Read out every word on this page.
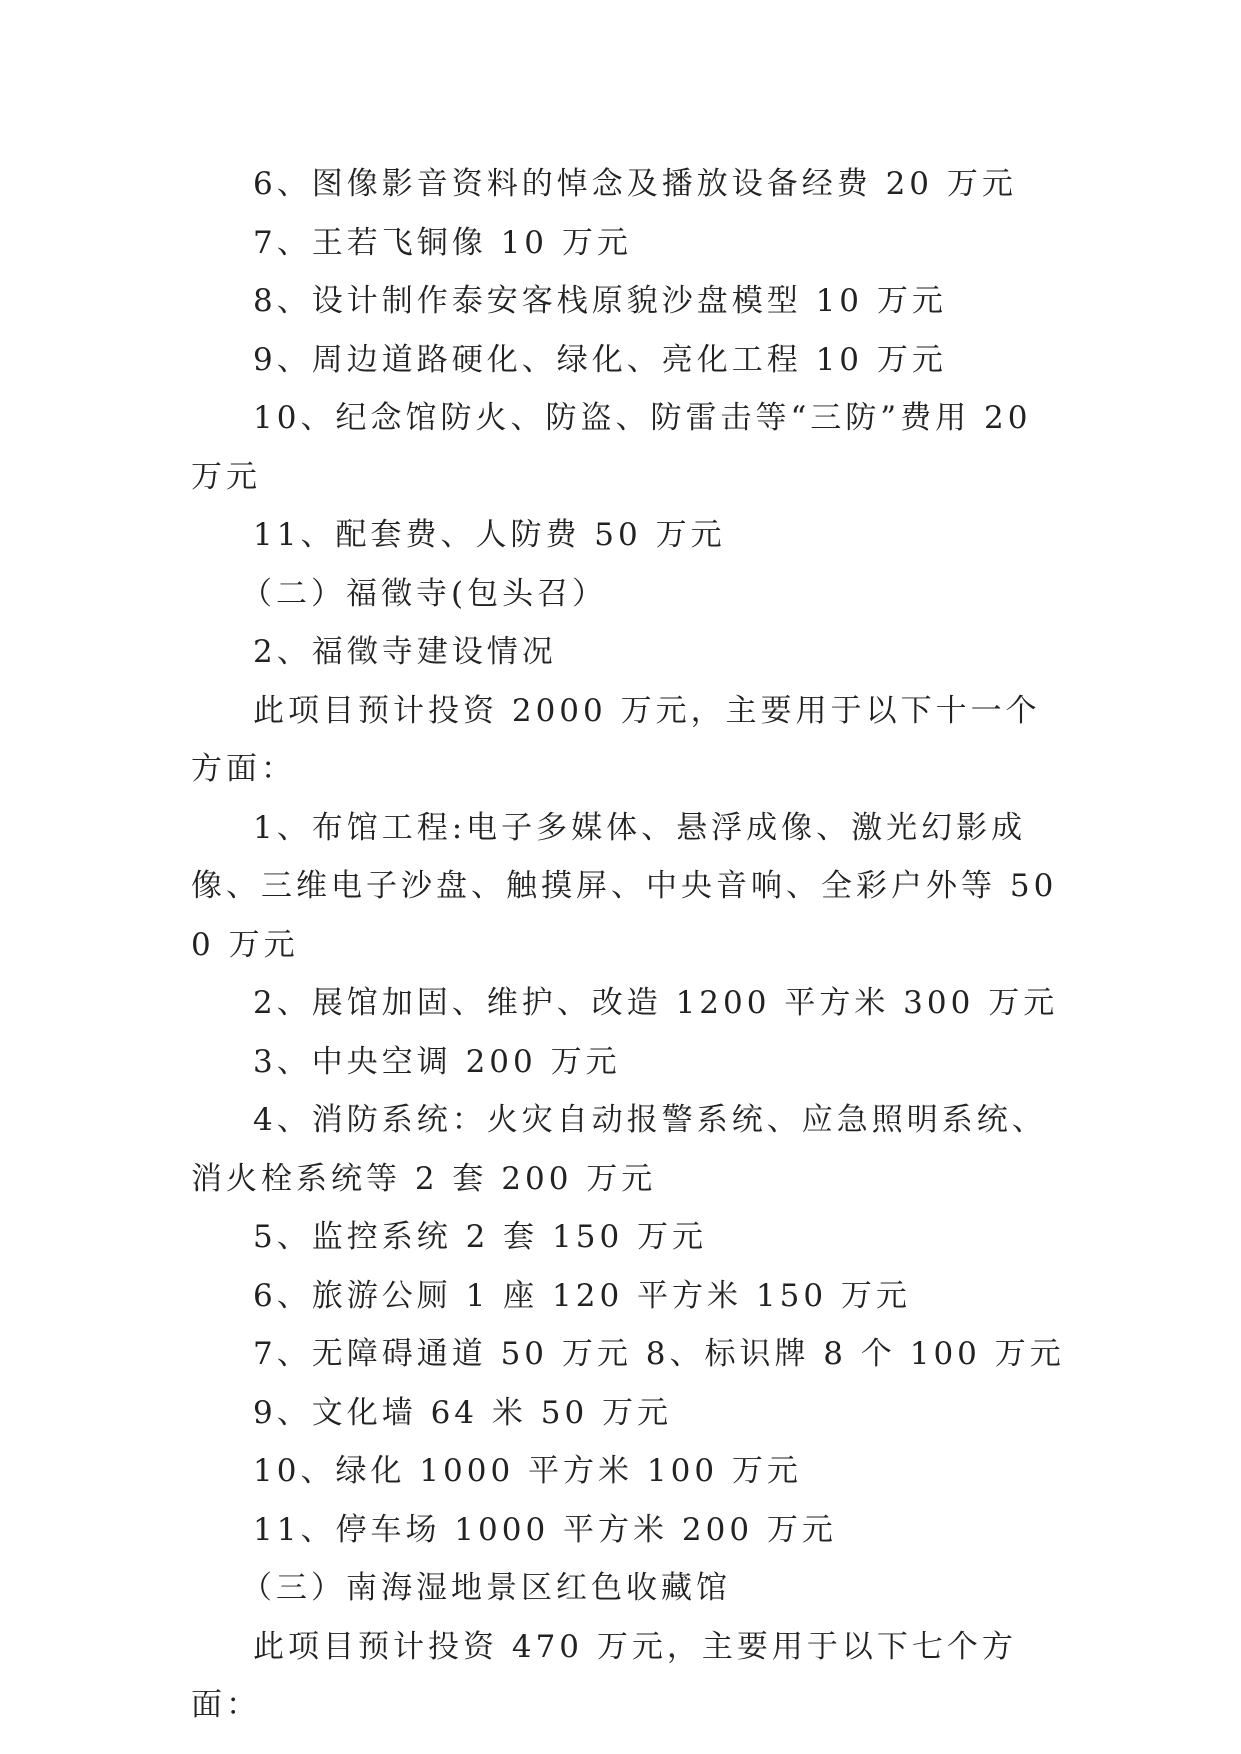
6、图像影音资料的悼念及播放设备经费 20 万元

7、王若飞铜像 10 万元

8、设计制作泰安客栈原貌沙盘模型 10 万元

9、周边道路硬化、绿化、亮化工程 10 万元

10、纪念馆防火、防盗、防雷击等“三防”费用 20 万元

11、配套费、人防费 50 万元

（二）福徵寺(包头召）

2、福徵寺建设情况

此项目预计投资 2000 万元，主要用于以下十一个方面：

1、布馆工程:电子多媒体、悬浮成像、激光幻影成像、三维电子沙盘、触摸屏、中央音响、全彩户外等 500 万元

2、展馆加固、维护、改造 1200 平方米 300 万元

3、中央空调 200 万元

4、消防系统：火灾自动报警系统、应急照明系统、消火栓系统等 2 套 200 万元

5、监控系统 2 套 150 万元

6、旅游公厕 1 座 120 平方米 150 万元

7、无障碍通道 50 万元 8、标识牌 8 个 100 万元

9、文化墙 64 米 50 万元

10、绿化 1000 平方米 100 万元

11、停车场 1000 平方米 200 万元

（三）南海湿地景区红色收藏馆

此项目预计投资 470 万元，主要用于以下七个方面：
